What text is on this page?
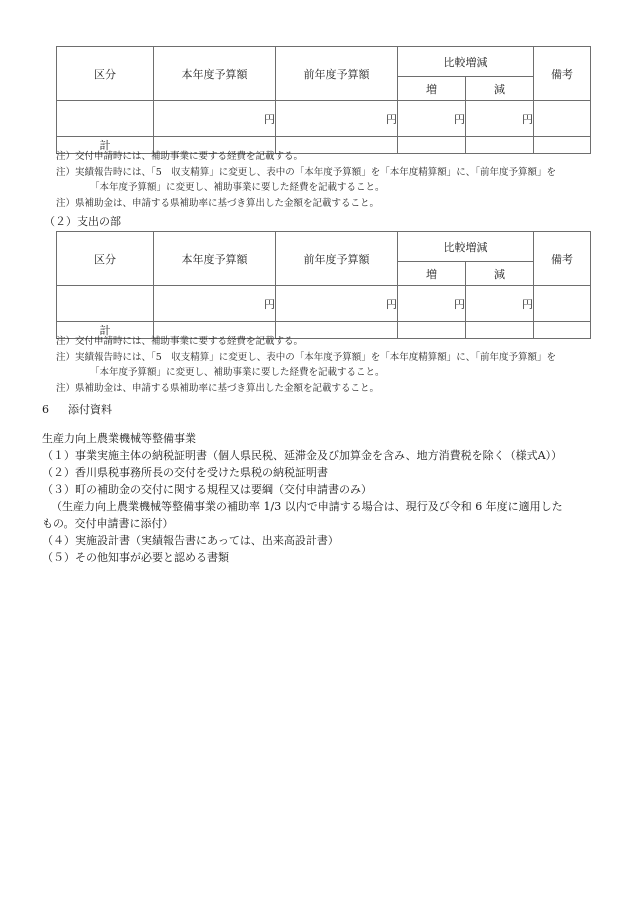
区分	本年度予算額	前年度予算額	比較増減		備考
			増	減	
	円	円	円	円	
計					
注）交付申請時には、補助事業に要する経費を記載する。
注）実績報告時には、「5　収支精算」に変更し、表中の「本年度予算額」を「本年度精算額」に、「前年度予算額」を
「本年度予算額」に変更し、補助事業に要した経費を記載すること。
注）県補助金は、申請する県補助率に基づき算出した金額を記載すること。
（２）支出の部
区分	本年度予算額	前年度予算額	比較増減		備考
			増	減	
	円	円	円	円	
計					
注）交付申請時には、補助事業に要する経費を記載する。
注）実績報告時には、「5　収支精算」に変更し、表中の「本年度予算額」を「本年度精算額」に、「前年度予算額」を
「本年度予算額」に変更し、補助事業に要した経費を記載すること。
注）県補助金は、申請する県補助率に基づき算出した金額を記載すること。
6 添付資料
生産力向上農業機械等整備事業
（１）事業実施主体の納税証明書（個人県民税、延滞金及び加算金を含み、地方消費税を除く（様式A））
（２）香川県税事務所長の交付を受けた県税の納税証明書
（３）町の補助金の交付に関する規程又は要綱（交付申請書のみ）
（生産力向上農業機械等整備事業の補助率 1/3 以内で申請する場合は、現行及び令和 6 年度に適用した
もの。交付申請書に添付）
（４）実施設計書（実績報告書にあっては、出来高設計書）
（５）その他知事が必要と認める書類
